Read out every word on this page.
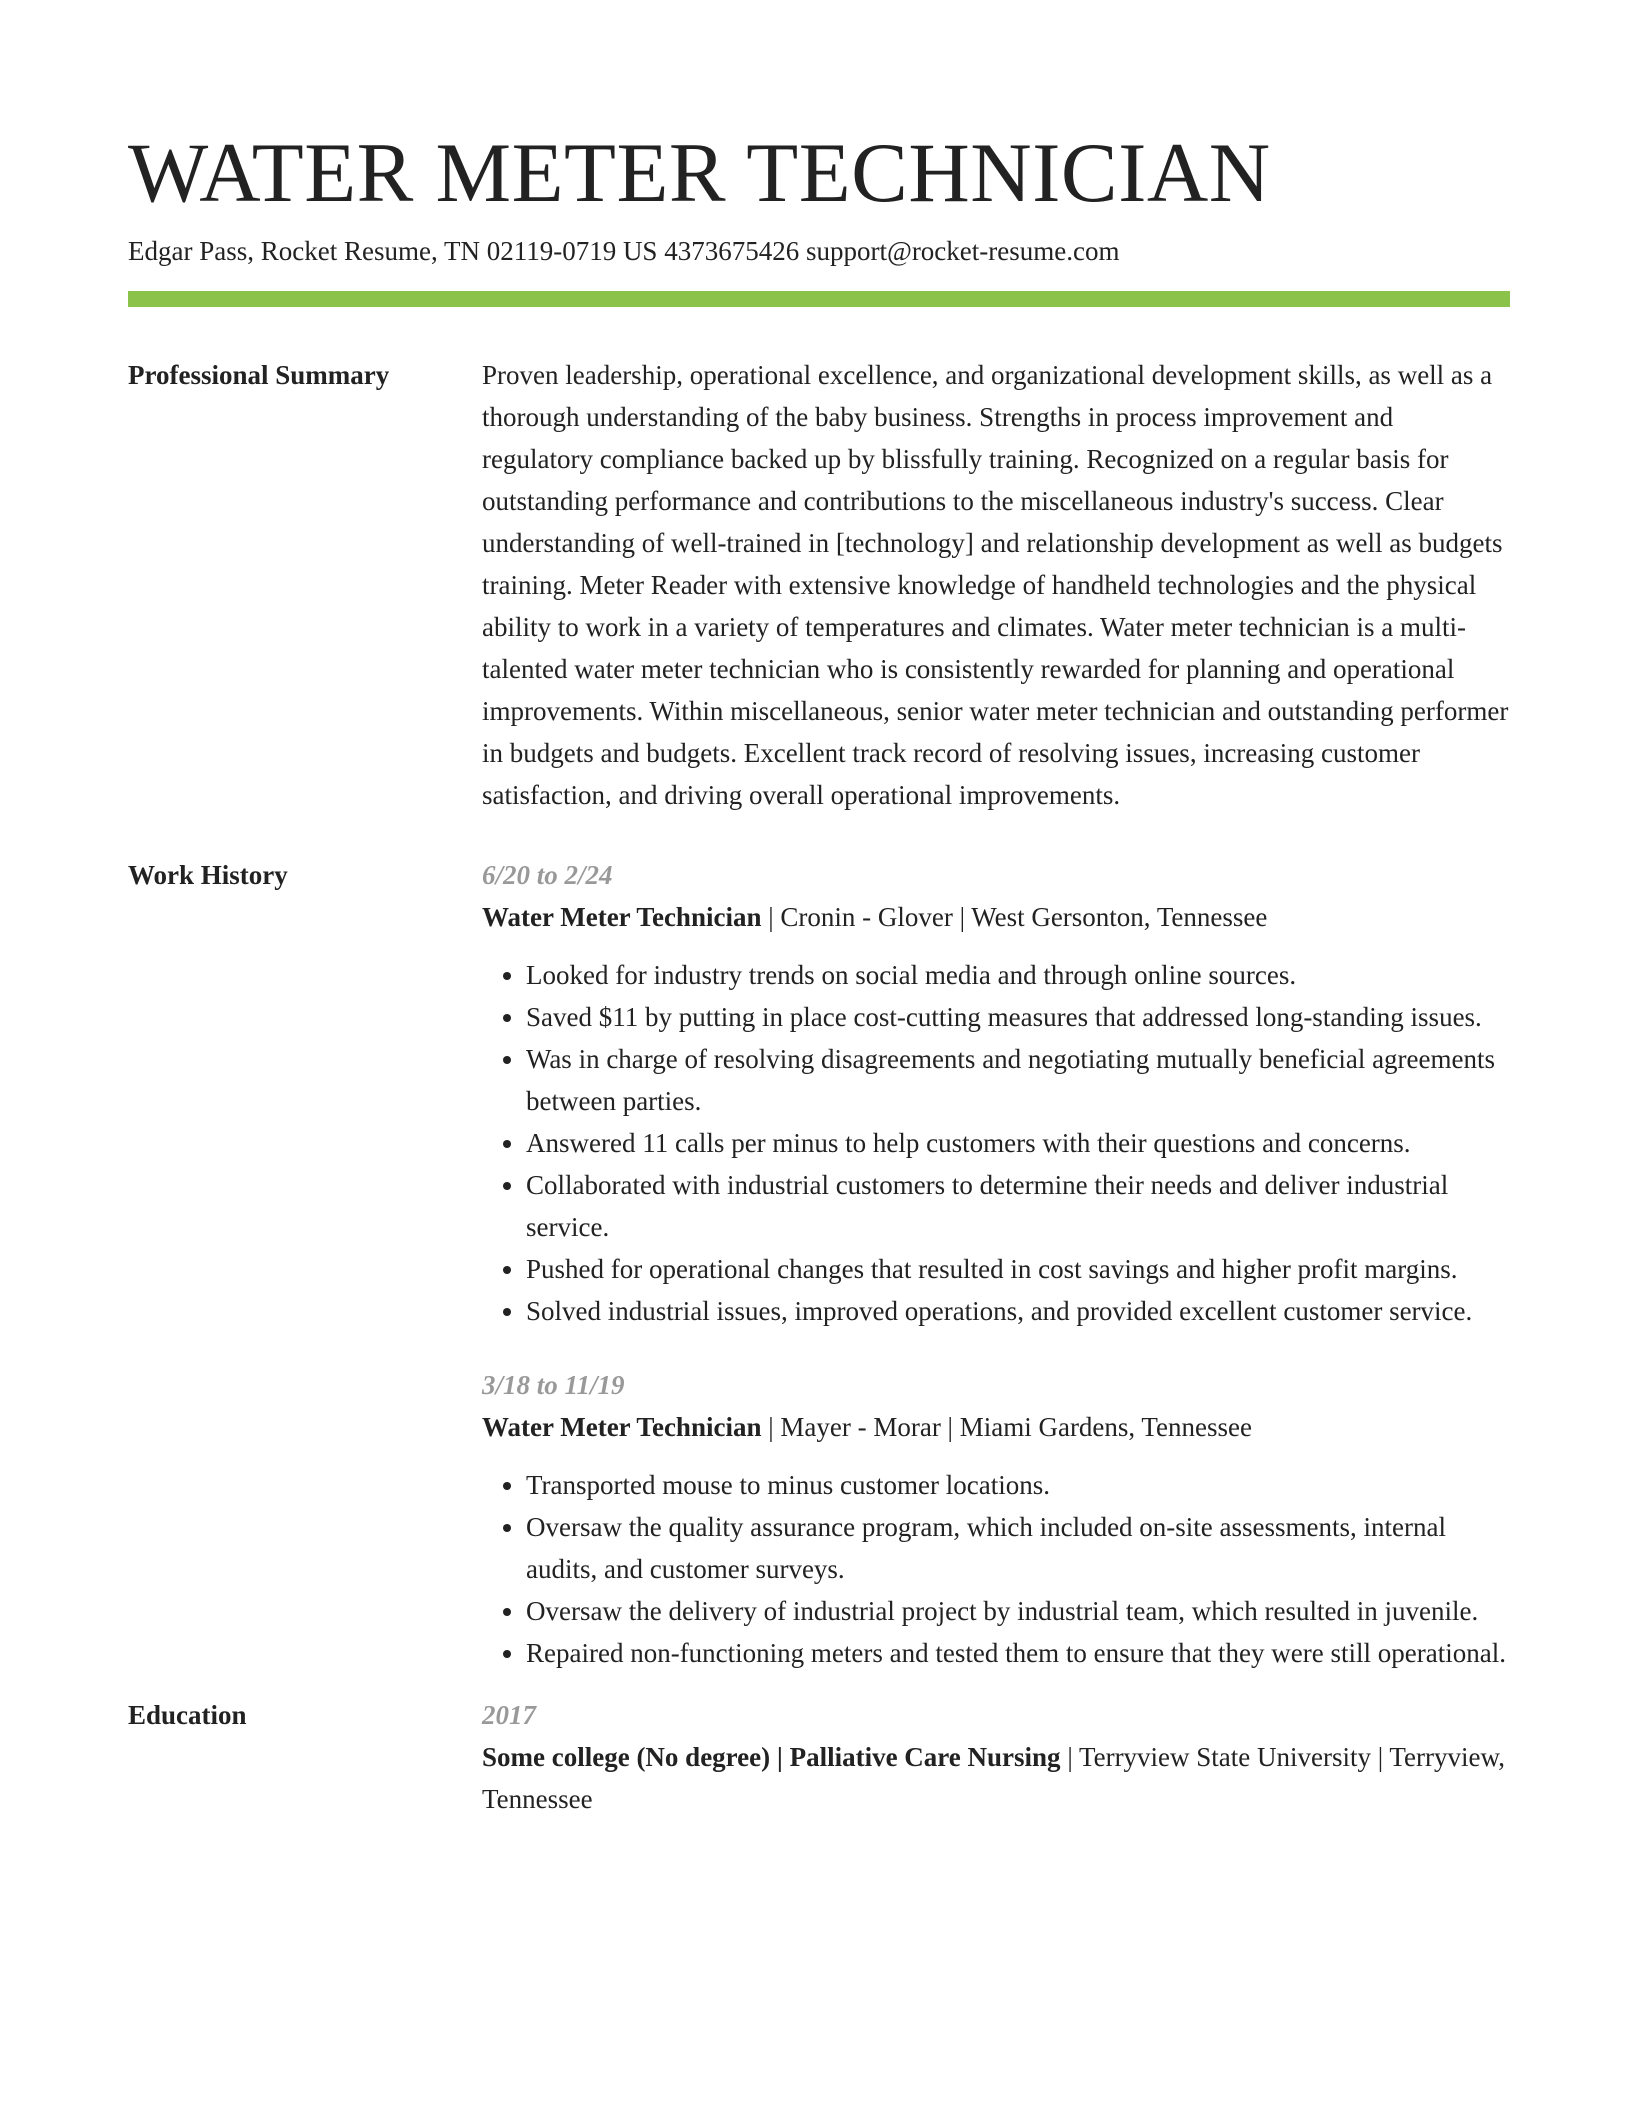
WATER METER TECHNICIAN
Edgar Pass, Rocket Resume, TN 02119-0719 US 4373675426 support@rocket-resume.com
Professional Summary	Proven leadership, operational excellence, and organizational development skills, as well as a thorough understanding of the baby business. Strengths in process improvement and regulatory compliance backed up by blissfully training. Recognized on a regular basis for outstanding performance and contributions to the miscellaneous industry's success. Clear understanding of well-trained in [technology] and relationship development as well as budgets training. Meter Reader with extensive knowledge of handheld technologies and the physical ability to work in a variety of temperatures and climates. Water meter technician is a multi-talented water meter technician who is consistently rewarded for planning and operational improvements. Within miscellaneous, senior water meter technician and outstanding performer in budgets and budgets. Excellent track record of resolving issues, increasing customer satisfaction, and driving overall operational improvements.
Work History	6/20 to 2/24
Water Meter Technician | Cronin - Glover | West Gersonton, Tennessee
• Looked for industry trends on social media and through online sources.
• Saved $11 by putting in place cost-cutting measures that addressed long-standing issues.
• Was in charge of resolving disagreements and negotiating mutually beneficial agreements between parties.
• Answered 11 calls per minus to help customers with their questions and concerns.
• Collaborated with industrial customers to determine their needs and deliver industrial service.
• Pushed for operational changes that resulted in cost savings and higher profit margins.
• Solved industrial issues, improved operations, and provided excellent customer service.
3/18 to 11/19
Water Meter Technician | Mayer - Morar | Miami Gardens, Tennessee
• Transported mouse to minus customer locations.
• Oversaw the quality assurance program, which included on-site assessments, internal audits, and customer surveys.
• Oversaw the delivery of industrial project by industrial team, which resulted in juvenile.
• Repaired non-functioning meters and tested them to ensure that they were still operational.
Education	2017
Some college (No degree) | Palliative Care Nursing | Terryview State University | Terryview, Tennessee
